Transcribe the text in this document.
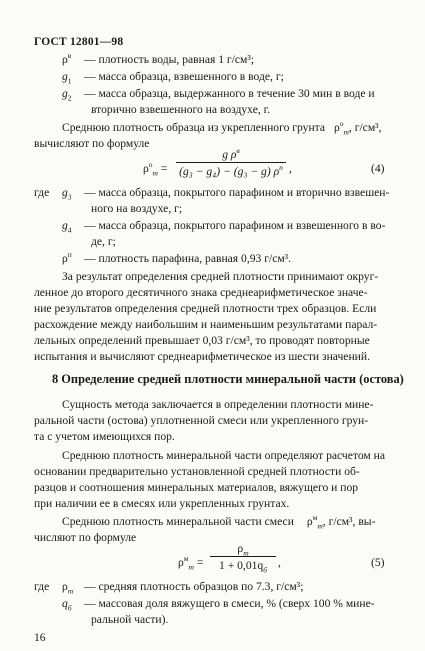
ГОСТ 12801—98
$\rho^в$ — плотность воды, равная 1 г/см³;
$g_1$ — масса образца, взвешенного в воде, г;
$g_2$ — масса образца, выдержанного в течение 30 мин в воде и
вторично взвешенного на воздухе, г.
Среднюю плотность образца из укрепленного грунта $\rho^о_m$, г/см³,
вычисляют по формуле
$\rho^о_m$ =
g $\rho^в$
(g₃ − g₄) − (g₃ − g) $\rho^п$ ,	(4)
где $g_3$ — масса образца, покрытого парафином и вторично взвешен-
ного на воздухе, г;
$g_4$ — масса образца, покрытого парафином и взвешенного в во-
де, г;
$\rho^п$ — плотность парафина, равная 0,93 г/см³.
За результат определения средней плотности принимают округ-
ленное до второго десятичного знака среднеарифметическое значе-
ние результатов определения средней плотности трех образцов. Если
расхождение между наибольшим и наименьшим результатами парал-
лельных определений превышает 0,03 г/см³, то проводят повторные
8 Определение средней плотности минеральной части (остова)
Сущность метода заключается в определении плотности мине-
ральной части (остова) уплотненной смеси или укрепленного грун-
та с учетом имеющихся пор.
Среднюю плотность минеральной части определяют расчетом на
основании предварительно установленной средней плотности об-
разцов и соотношения минеральных материалов, вяжущего и пор
при наличии ее в смесях или укрепленных грунтах.
Среднюю плотность минеральной части смеси $\rho^м_m$, г/см³, вы-
числяют по формуле
$\rho^м_m$ =
$\rho_m$
$1 + 0,01q_б$
,	(5)
где $\rho_m$ — средняя плотность образцов по 7.3, г/см³;
$q_б$ — массовая доля вяжущего в смеси, % (сверх 100 % мине-
ральной части).
16
испытания и вычисляют среднеарифметическое из шести значений.
